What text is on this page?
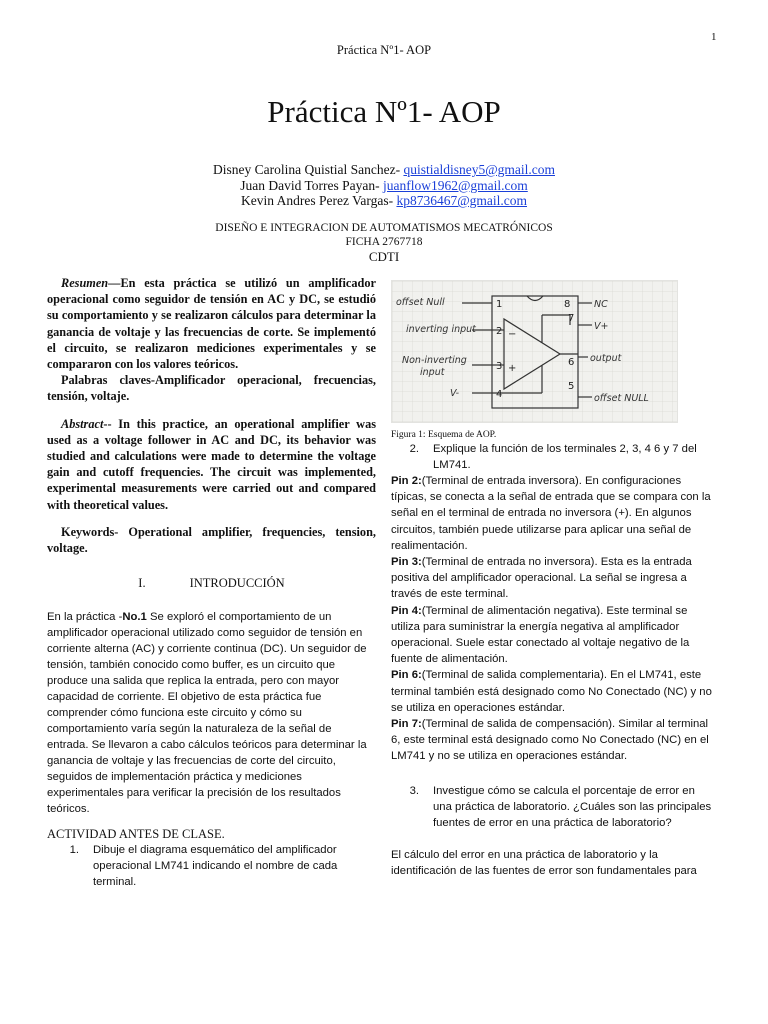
1
Práctica Nº1- AOP
Práctica Nº1- AOP
Disney Carolina Quistial Sanchez- quistialdisney5@gmail.com
Juan David Torres Payan- juanflow1962@gmail.com
Kevin Andres Perez Vargas- kp8736467@gmail.com
DISEÑO E INTEGRACION DE AUTOMATISMOS MECATRÓNICOS
FICHA 2767718
CDTI

Resumen—En esta práctica se utilizó un amplificador operacional como seguidor de tensión en AC y DC, se estudió su comportamiento y se realizaron cálculos para determinar la ganancia de voltaje y las frecuencias de corte. Se implementó el circuito, se realizaron mediciones experimentales y se compararon con los valores teóricos.

Palabras claves-Amplificador operacional, frecuencias, tensión, voltaje.

Abstract-- In this practice, an operational amplifier was used as a voltage follower in AC and DC, its behavior was studied and calculations were made to determine the voltage gain and cutoff frequencies. The circuit was implemented, experimental measurements were carried out and compared with theoretical values.

Keywords- Operational amplifier, frequencies, tension, voltage.

I.	INTRODUCCIÓN

En la práctica -No.1 Se exploró el comportamiento de un amplificador operacional utilizado como seguidor de tensión en corriente alterna (AC) y corriente continua (DC). Un seguidor de tensión, también conocido como buffer, es un circuito que produce una salida que replica la entrada, pero con mayor capacidad de corriente. El objetivo de esta práctica fue comprender cómo funciona este circuito y cómo su comportamiento varía según la naturaleza de la señal de entrada. Se llevaron a cabo cálculos teóricos para determinar la ganancia de voltaje y las frecuencias de corte del circuito, seguidos de implementación práctica y mediciones experimentales para verificar la precisión de los resultados teóricos.

ACTIVIDAD ANTES DE CLASE.
1.	Dibuje el diagrama esquemático del amplificador operacional LM741 indicando el nombre de cada terminal.
offset Null
inverting input
Non-inverting
input
V-
NC
V+
output
offset NULL
1
2
3
4
5
6
7
8
−
+
Figura 1: Esquema de AOP.
2.	Explique la función de los terminales 2, 3, 4 6 y 7 del LM741.

Pin 2:(Terminal de entrada inversora). En configuraciones típicas, se conecta a la señal de entrada que se compara con la señal en el terminal de entrada no inversora (+). En algunos circuitos, también puede utilizarse para aplicar una señal de realimentación.

Pin 3:(Terminal de entrada no inversora). Esta es la entrada positiva del amplificador operacional. La señal se ingresa a través de este terminal.

Pin 4:(Terminal de alimentación negativa). Este terminal se utiliza para suministrar la energía negativa al amplificador operacional. Suele estar conectado al voltaje negativo de la fuente de alimentación.

Pin 6:(Terminal de salida complementaria). En el LM741, este terminal también está designado como No Conectado (NC) y no se utiliza en operaciones estándar.

Pin 7:(Terminal de salida de compensación). Similar al terminal 6, este terminal está designado como No Conectado (NC) en el LM741 y no se utiliza en operaciones estándar.

3.	Investigue cómo se calcula el porcentaje de error en una práctica de laboratorio. ¿Cuáles son las principales fuentes de error en una práctica de laboratorio?

El cálculo del error en una práctica de laboratorio y la identificación de las fuentes de error son fundamentales para
